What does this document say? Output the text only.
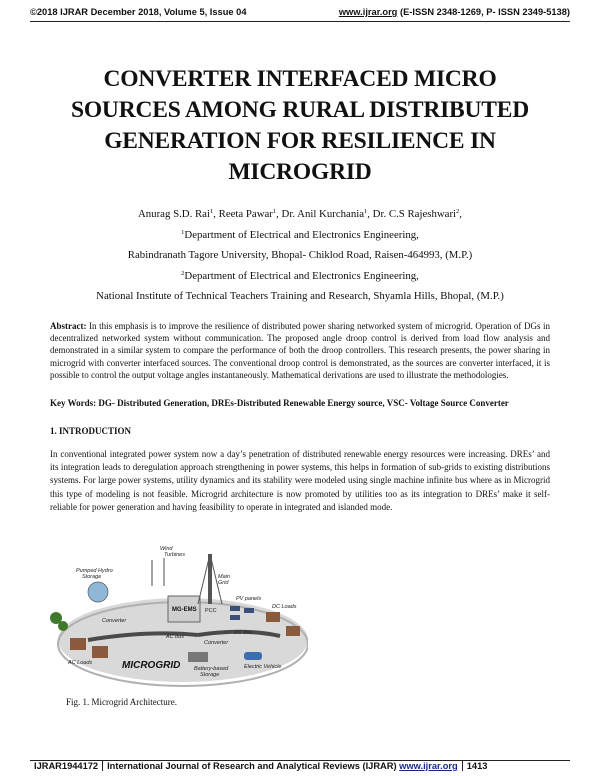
©2018 IJRAR December 2018, Volume 5, Issue 04	www.ijrar.org (E-ISSN 2348-1269, P- ISSN 2349-5138)
CONVERTER INTERFACED MICRO
SOURCES AMONG RURAL DISTRIBUTED
GENERATION FOR RESILIENCE IN
MICROGRID
Anurag S.D. Rai$^1$, Reeta Pawar$^1$, Dr. Anil Kurchania$^1$, Dr. C.S Rajeshwari$^2$,
$^1$Department of Electrical and Electronics Engineering,
Rabindranath Tagore University, Bhopal- Chiklod Road, Raisen-464993, (M.P.)
$^2$Department of Electrical and Electronics Engineering,
National Institute of Technical Teachers Training and Research, Shyamla Hills, Bhopal, (M.P.)
Abstract: In this emphasis is to improve the resilience of distributed power sharing networked system of microgrid. Operation of DGs in decentralized networked system without communication. The proposed angle droop control is derived from load flow analysis and demonstrated in a similar system to compare the performance of both the droop controllers. This research presents, the power sharing in microgrid with converter interfaced sources. The conventional droop control is demonstrated, as the sources are converter interfaced, it is possible to control the output voltage angles instantaneously. Mathematical derivations are used to illustrate the methodologies.
Key Words: DG- Distributed Generation, DREs-Distributed Renewable Energy source, VSC- Voltage Source Converter
1. INTRODUCTION
In conventional integrated power system now a day’s penetration of distributed renewable energy resources were increasing. DREs’ and its integration leads to deregulation approach strengthening in power systems, this helps in formation of sub-grids to existing distributions systems. For large power systems, utility dynamics and its stability were modeled using single machine infinite bus where as in Microgrid this type of modeling is not feasible. Microgrid architecture is now promoted by utilities too as its integration to DREs’ make it self-reliable for power generation and having feasibility to operate in integrated and islanded mode.
Pumped Hydro
Storage
Wind
Turbines
Main
Grid
PV panels
Converter
DC Loads
AC bus
Converter
DC bus
AC Loads
Battery-based
Storage
Electric Vehicle
MG-EMS PCC
MICROGRID
Fig. 1. Microgrid Architecture.
IJRAR1944172 International Journal of Research and Analytical Reviews (IJRAR) www.ijrar.org 1413
